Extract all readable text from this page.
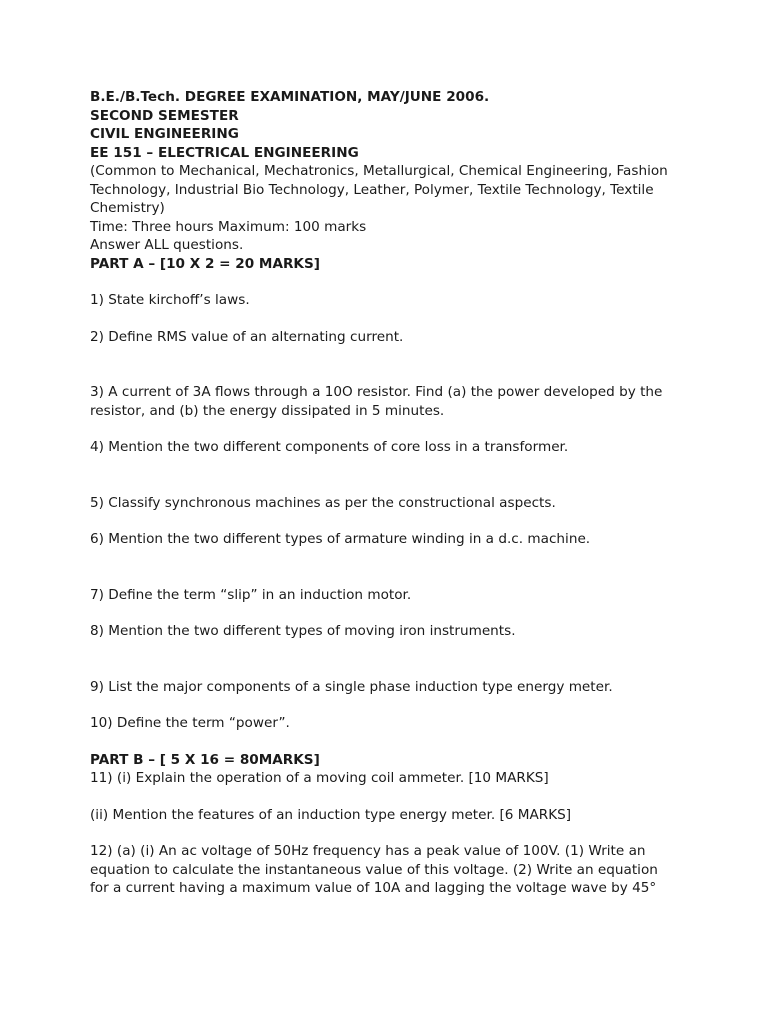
B.E./B.Tech. DEGREE EXAMINATION, MAY/JUNE 2006.
SECOND SEMESTER
CIVIL ENGINEERING
EE 151 – ELECTRICAL ENGINEERING
(Common to Mechanical, Mechatronics, Metallurgical, Chemical Engineering, Fashion
Technology, Industrial Bio Technology, Leather, Polymer, Textile Technology, Textile
Chemistry)
Time: Three hours Maximum: 100 marks
Answer ALL questions.
PART A – [10 X 2 = 20 MARKS]
1) State kirchoff’s laws.
2) Define RMS value of an alternating current.
3) A current of 3A flows through a 10O resistor. Find (a) the power developed by the
resistor, and (b) the energy dissipated in 5 minutes.
4) Mention the two different components of core loss in a transformer.
5) Classify synchronous machines as per the constructional aspects.
6) Mention the two different types of armature winding in a d.c. machine.
7) Define the term “slip” in an induction motor.
8) Mention the two different types of moving iron instruments.
9) List the major components of a single phase induction type energy meter.
10) Define the term “power”.
PART B – [ 5 X 16 = 80MARKS]
11) (i) Explain the operation of a moving coil ammeter. [10 MARKS]
(ii) Mention the features of an induction type energy meter. [6 MARKS]
12) (a) (i) An ac voltage of 50Hz frequency has a peak value of 100V. (1) Write an
equation to calculate the instantaneous value of this voltage. (2) Write an equation
for a current having a maximum value of 10A and lagging the voltage wave by 45°
